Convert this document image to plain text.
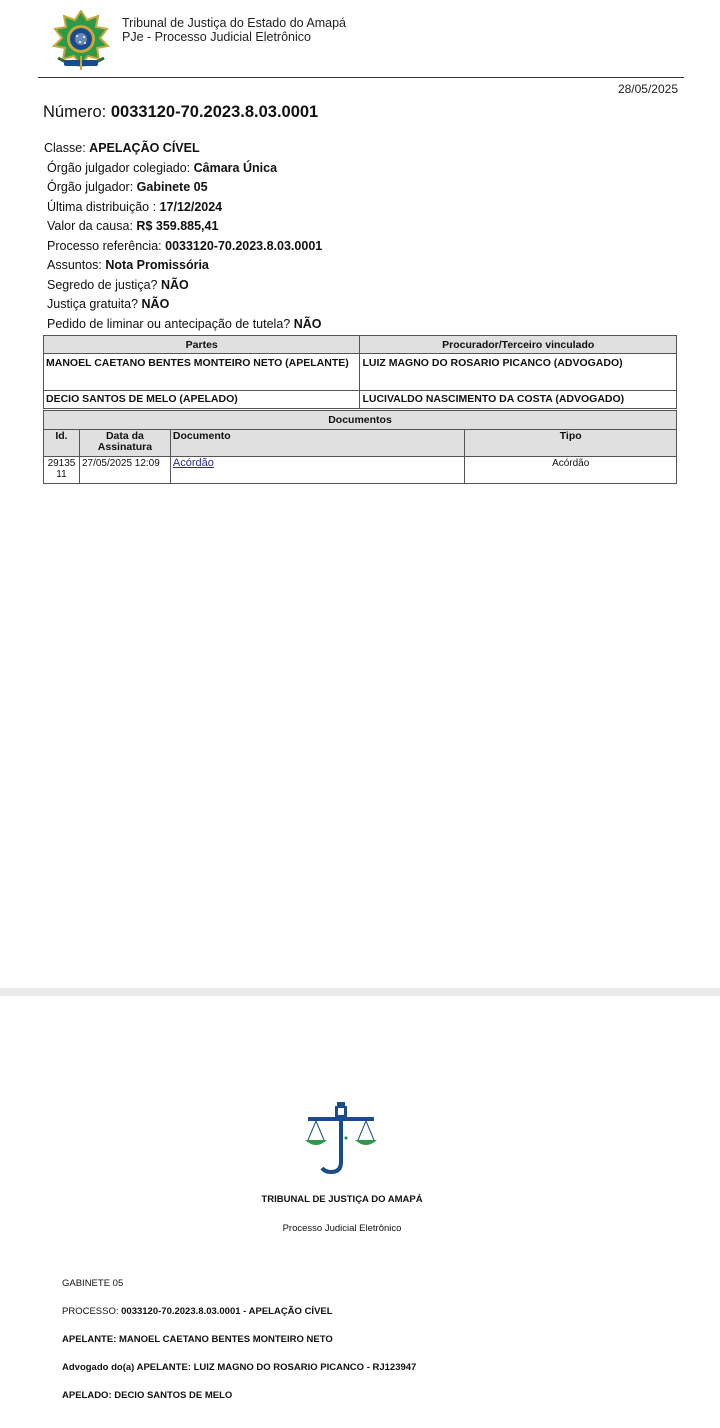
Tribunal de Justiça do Estado do Amapá
PJe - Processo Judicial Eletrônico
28/05/2025
Número: 0033120-70.2023.8.03.0001
Classe: APELAÇÃO CÍVEL
Órgão julgador colegiado: Câmara Única
Órgão julgador: Gabinete 05
Última distribuição : 17/12/2024
Valor da causa: R$ 359.885,41
Processo referência: 0033120-70.2023.8.03.0001
Assuntos: Nota Promissória
Segredo de justiça? NÃO
Justiça gratuita? NÃO
Pedido de liminar ou antecipação de tutela? NÃO
Partes	Procurador/Terceiro vinculado
MANOEL CAETANO BENTES MONTEIRO NETO (APELANTE)	LUIZ MAGNO DO ROSARIO PICANCO (ADVOGADO)
DECIO SANTOS DE MELO (APELADO)	LUCIVALDO NASCIMENTO DA COSTA (ADVOGADO)
Documentos			
Id.	Data da Assinatura	Documento	Tipo
29135 11	27/05/2025 12:09	Acórdão	Acórdão
TRIBUNAL DE JUSTIÇA DO AMAPÁ
Processo Judicial Eletrônico
GABINETE 05
PROCESSO: 0033120-70.2023.8.03.0001 - APELAÇÃO CÍVEL
APELANTE: MANOEL CAETANO BENTES MONTEIRO NETO
Advogado do(a) APELANTE: LUIZ MAGNO DO ROSARIO PICANCO - RJ123947
APELADO: DECIO SANTOS DE MELO
